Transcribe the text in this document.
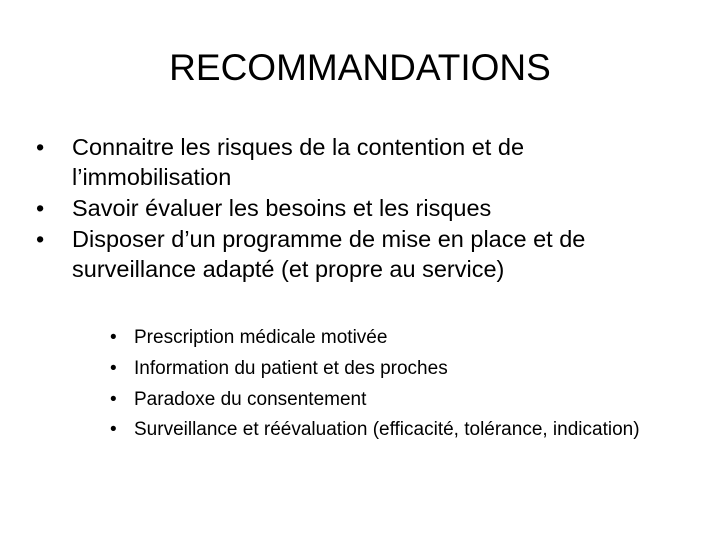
RECOMMANDATIONS
•	Connaitre les risques de la contention et de l’immobilisation
•	Savoir évaluer les besoins et les risques
•	Disposer d’un programme de mise en place et de surveillance adapté (et propre au service)
• Prescription médicale motivée
• Information du patient et des proches
• Paradoxe du consentement
• Surveillance et réévaluation (efficacité, tolérance, indication)
